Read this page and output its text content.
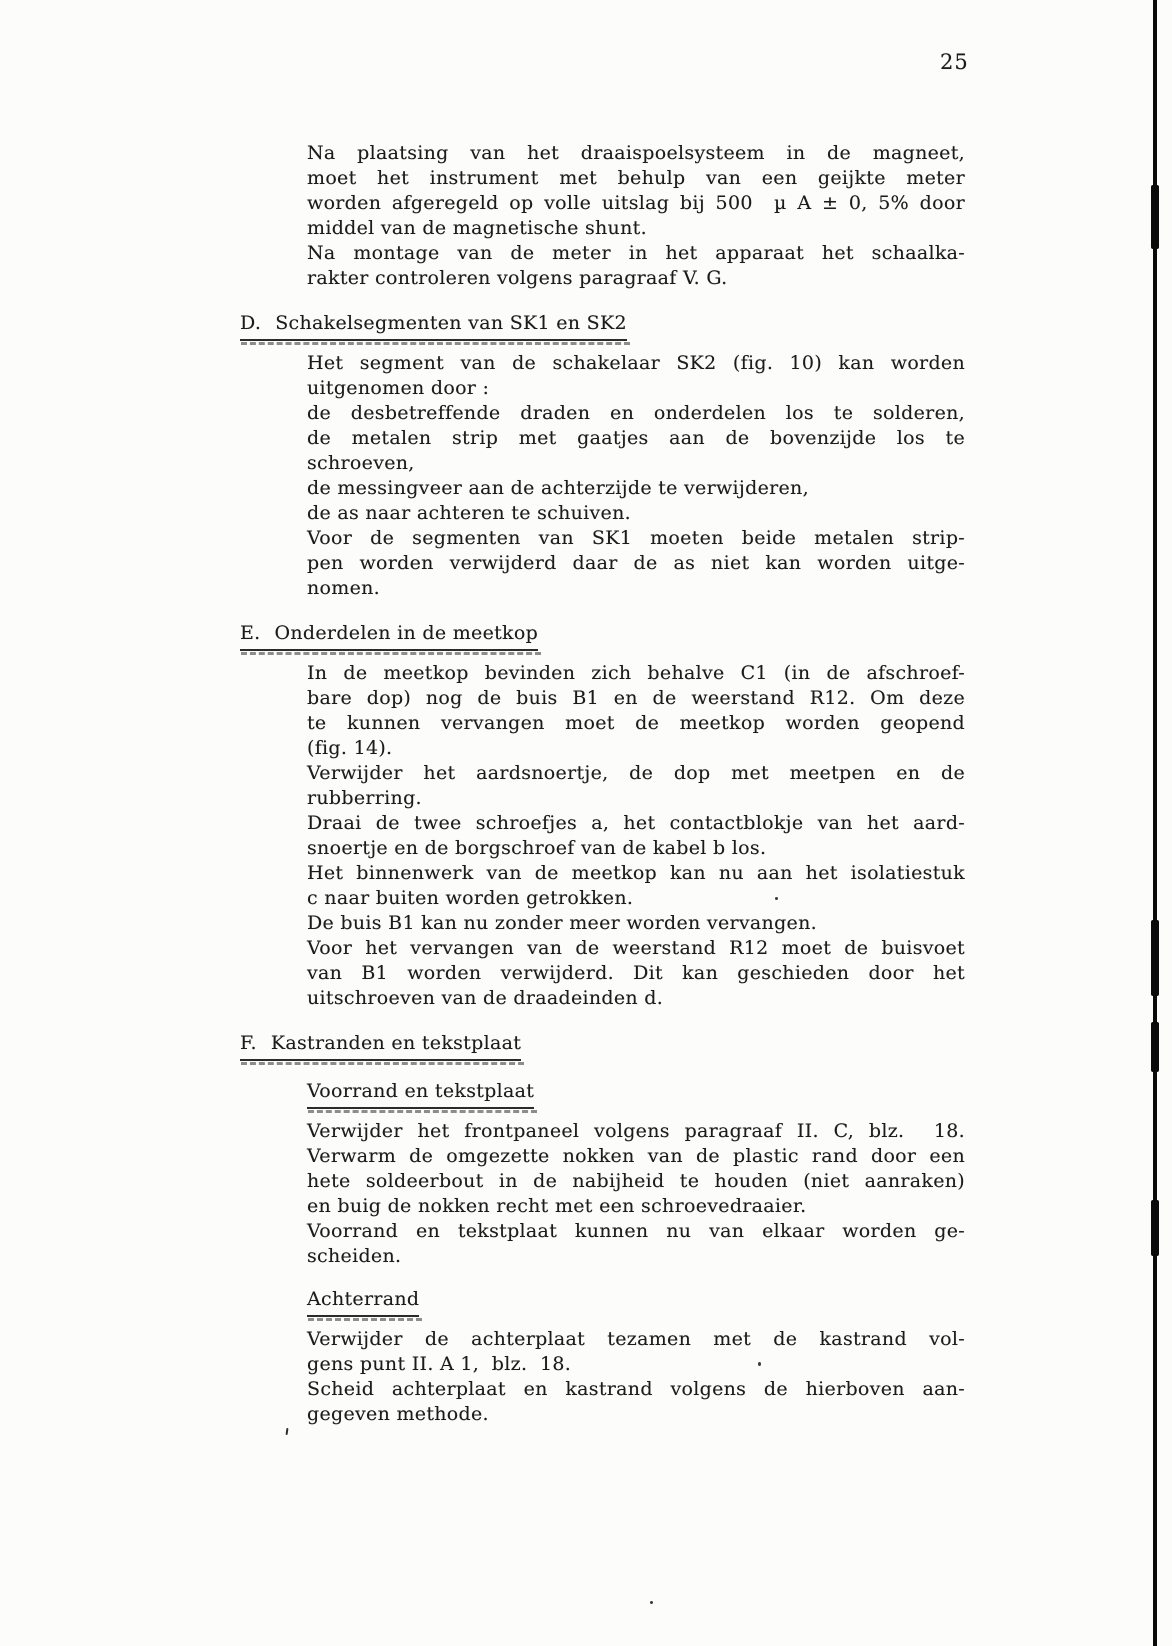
25
Na plaatsing van het draaispoelsysteem in de magneet,
moet het instrument met behulp van een geijkte meter
worden afgeregeld op volle uitslag bij 500  µ A ± 0, 5% door
middel van de magnetische shunt.
Na montage van de meter in het apparaat het schaalka-
rakter controleren volgens paragraaf V. G.
D. Schakelsegmenten van SK1 en SK2
Het segment van de schakelaar SK2 (fig. 10) kan worden
uitgenomen door :
de desbetreffende draden en onderdelen los te solderen,
de metalen strip met gaatjes aan de bovenzijde los te
schroeven,
de messingveer aan de achterzijde te verwijderen,
de as naar achteren te schuiven.
Voor de segmenten van SK1 moeten beide metalen strip-
pen worden verwijderd daar de as niet kan worden uitge-
nomen.
E. Onderdelen in de meetkop
In de meetkop bevinden zich behalve C1 (in de afschroef-
bare dop) nog de buis B1 en de weerstand R12. Om deze
te kunnen vervangen moet de meetkop worden geopend
(fig. 14).
Verwijder het aardsnoertje, de dop met meetpen en de
rubberring.
Draai de twee schroefjes a, het contactblokje van het aard-
snoertje en de borgschroef van de kabel b los.
Het binnenwerk van de meetkop kan nu aan het isolatiestuk
c naar buiten worden getrokken.
De buis B1 kan nu zonder meer worden vervangen.
Voor het vervangen van de weerstand R12 moet de buisvoet
van B1 worden verwijderd. Dit kan geschieden door het
uitschroeven van de draadeinden d.
F. Kastranden en tekstplaat
Voorrand en tekstplaat
Verwijder het frontpaneel volgens paragraaf II. C, blz.  18.
Verwarm de omgezette nokken van de plastic rand door een
hete soldeerbout in de nabijheid te houden (niet aanraken)
en buig de nokken recht met een schroevedraaier.
Voorrand en tekstplaat kunnen nu van elkaar worden ge-
scheiden.
Achterrand
Verwijder de achterplaat tezamen met de kastrand vol-
gens punt II. A 1,  blz.  18.
Scheid achterplaat en kastrand volgens de hierboven aan-
gegeven methode.
